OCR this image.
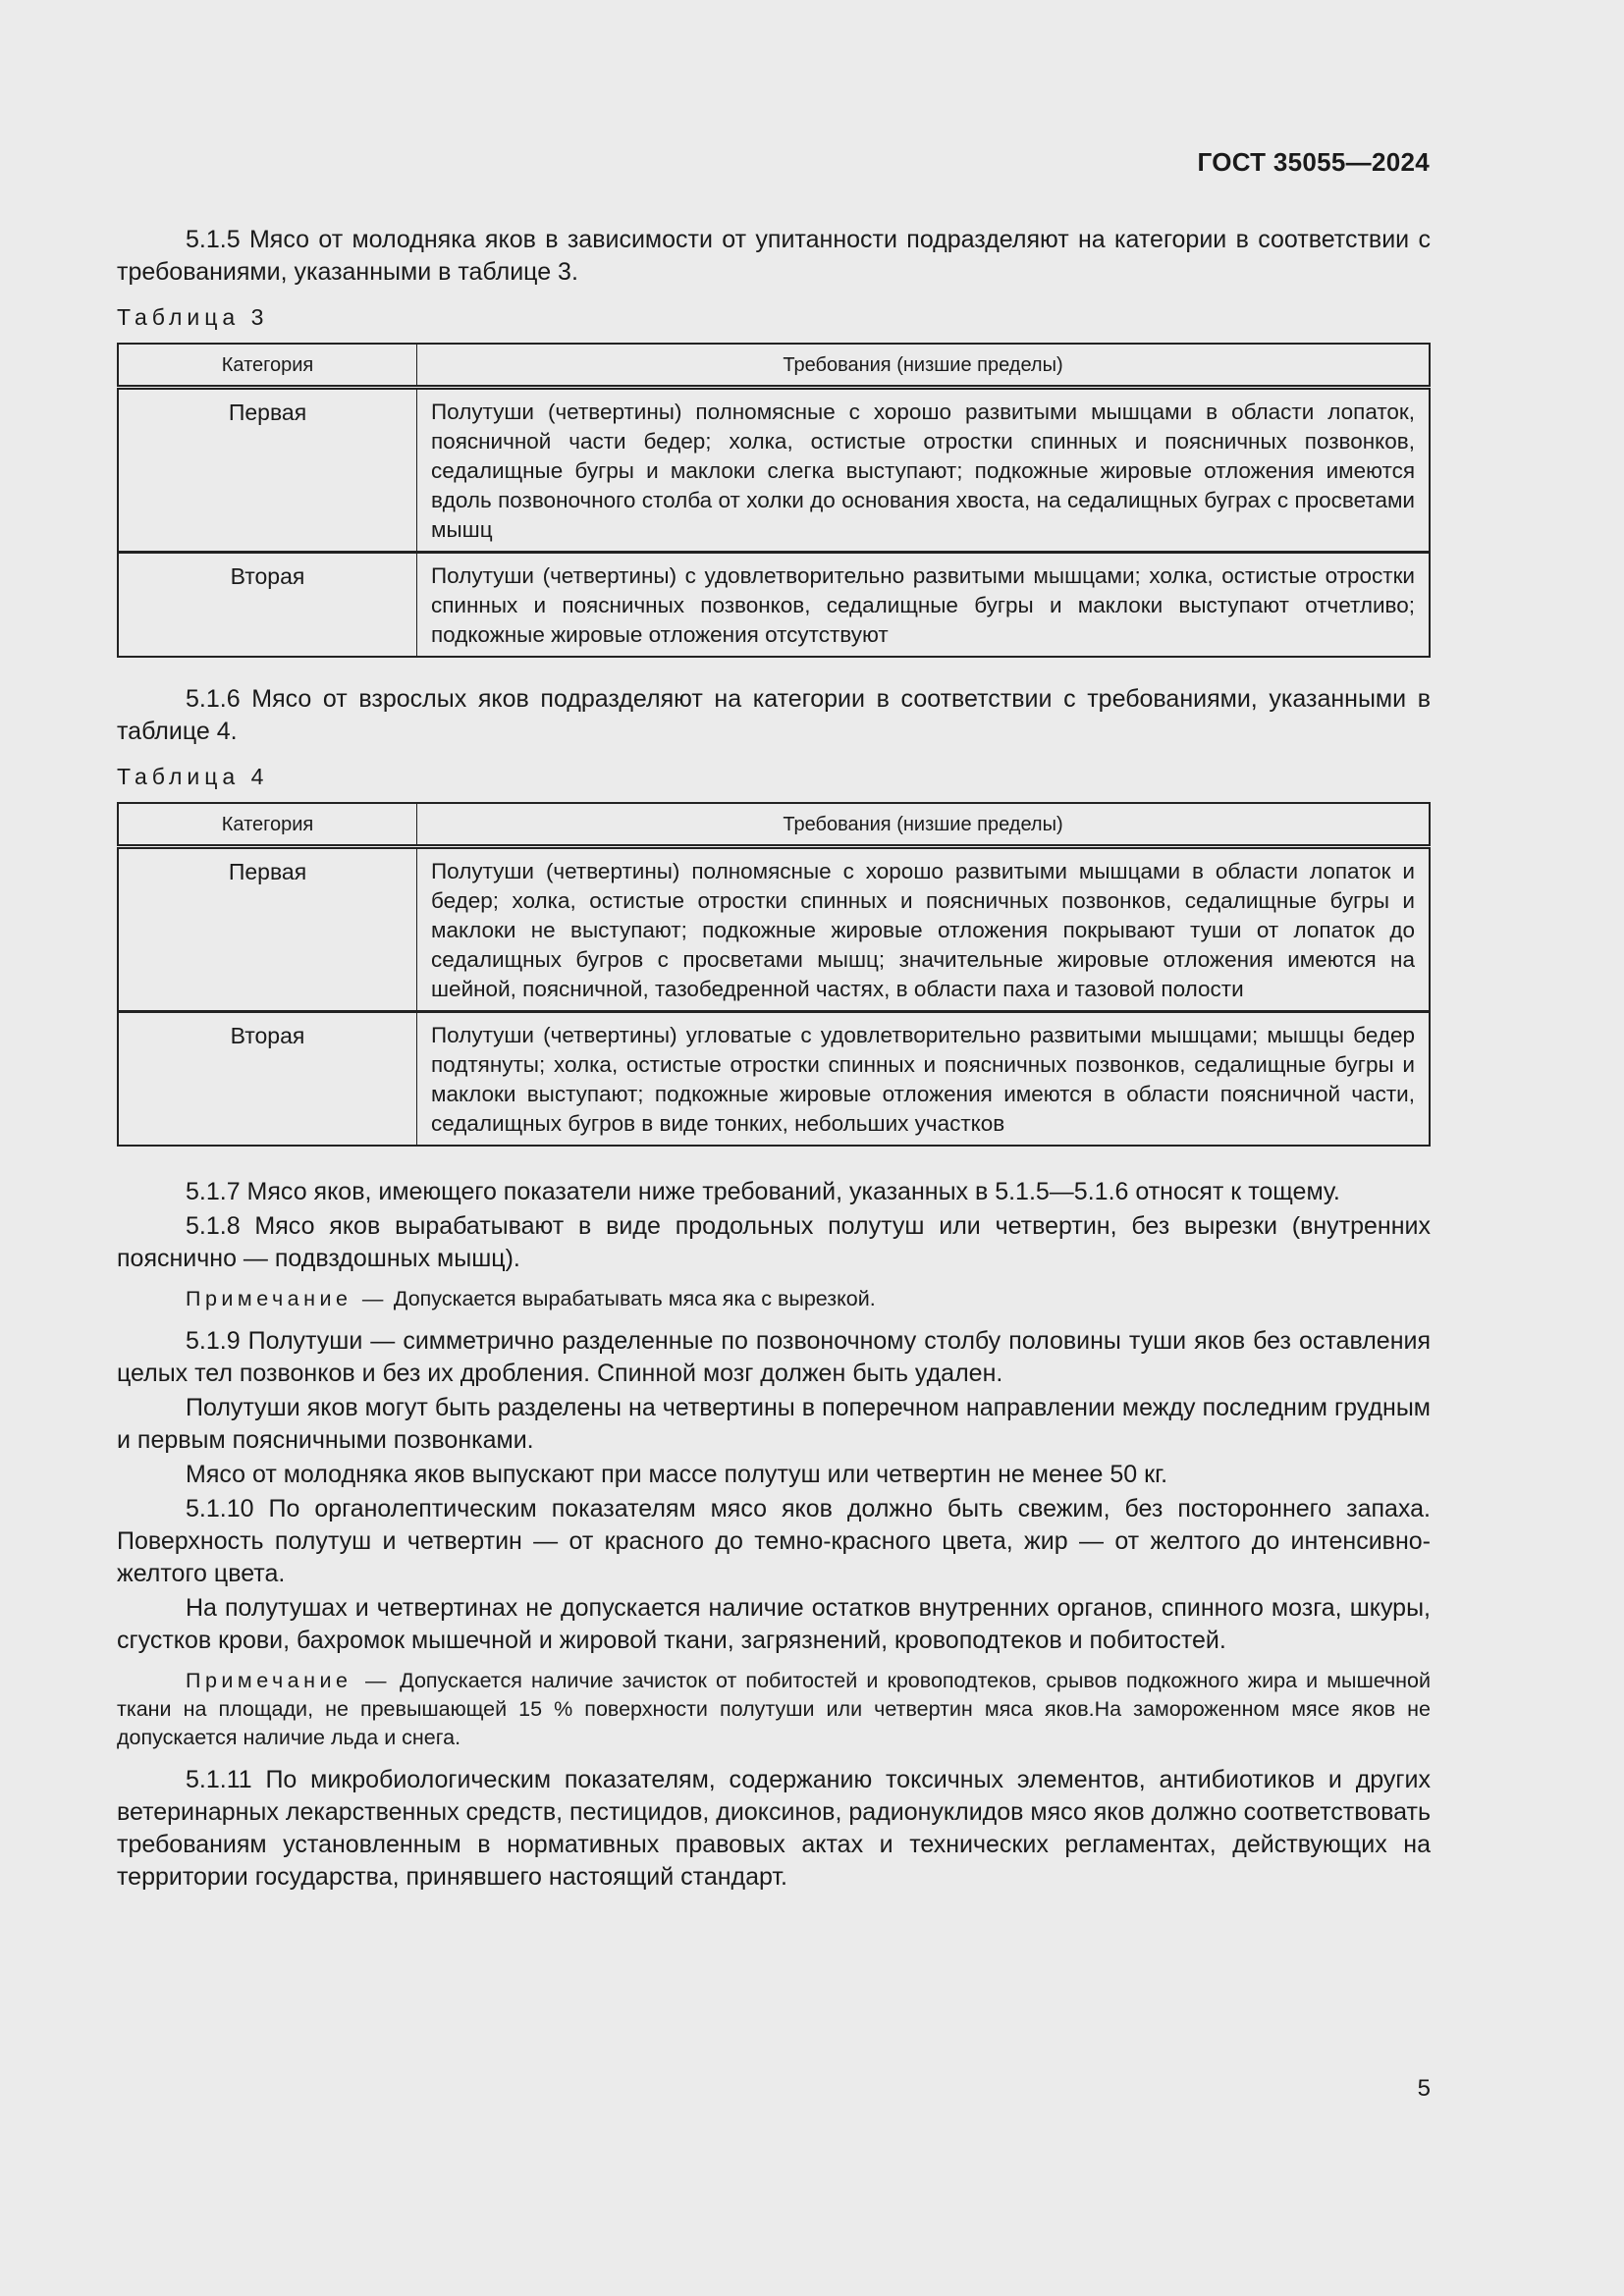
ГОСТ 35055—2024

5.1.5 Мясо от молодняка яков в зависимости от упитанности подразделяют на категории в соответствии с требованиями, указанными в таблице 3.

Таблица 3
Категория	Требования (низшие пределы)
Первая	Полутуши (четвертины) полномясные с хорошо развитыми мышцами в области лопаток, поясничной части бедер; холка, остистые отростки спинных и поясничных позвонков, седалищные бугры и маклоки слегка выступают; подкожные жировые отложения имеются вдоль позвоночного столба от холки до основания хвоста, на седалищных буграх с просветами мышц
Вторая	Полутуши (четвертины) с удовлетворительно развитыми мышцами; холка, остистые отростки спинных и поясничных позвонков, седалищные бугры и маклоки выступают отчетливо; подкожные жировые отложения отсутствуют

5.1.6 Мясо от взрослых яков подразделяют на категории в соответствии с требованиями, указанными в таблице 4.

Таблица 4
Категория	Требования (низшие пределы)
Первая	Полутуши (четвертины) полномясные с хорошо развитыми мышцами в области лопаток и бедер; холка, остистые отростки спинных и поясничных позвонков, седалищные бугры и маклоки не выступают; подкожные жировые отложения покрывают туши от лопаток до седалищных бугров с просветами мышц; значительные жировые отложения имеются на шейной, поясничной, тазобедренной частях, в области паха и тазовой полости
Вторая	Полутуши (четвертины) угловатые с удовлетворительно развитыми мышцами; мышцы бедер подтянуты; холка, остистые отростки спинных и поясничных позвонков, седалищные бугры и маклоки выступают; подкожные жировые отложения имеются в области поясничной части, седалищных бугров в виде тонких, небольших участков

5.1.7 Мясо яков, имеющего показатели ниже требований, указанных в 5.1.5—5.1.6 относят к тощему.

5.1.8 Мясо яков вырабатывают в виде продольных полутуш или четвертин, без вырезки (внутренних пояснично — подвздошных мышц).

Примечание — Допускается вырабатывать мяса яка с вырезкой.

5.1.9 Полутуши — симметрично разделенные по позвоночному столбу половины туши яков без оставления целых тел позвонков и без их дробления. Спинной мозг должен быть удален.

Полутуши яков могут быть разделены на четвертины в поперечном направлении между последним грудным и первым поясничными позвонками.

Мясо от молодняка яков выпускают при массе полутуш или четвертин не менее 50 кг.

5.1.10 По органолептическим показателям мясо яков должно быть свежим, без постороннего запаха. Поверхность полутуш и четвертин — от красного до темно-красного цвета, жир — от желтого до интенсивно-желтого цвета.

На полутушах и четвертинах не допускается наличие остатков внутренних органов, спинного мозга, шкуры, сгустков крови, бахромок мышечной и жировой ткани, загрязнений, кровоподтеков и побитостей.

Примечание — Допускается наличие зачисток от побитостей и кровоподтеков, срывов подкожного жира и мышечной ткани на площади, не превышающей 15 % поверхности полутуши или четвертин мяса яков.На замороженном мясе яков не допускается наличие льда и снега.

5.1.11 По микробиологическим показателям, содержанию токсичных элементов, антибиотиков и других ветеринарных лекарственных средств, пестицидов, диоксинов, радионуклидов мясо яков должно соответствовать требованиям установленным в нормативных правовых актах и технических регламентах, действующих на территории государства, принявшего настоящий стандарт.

5
